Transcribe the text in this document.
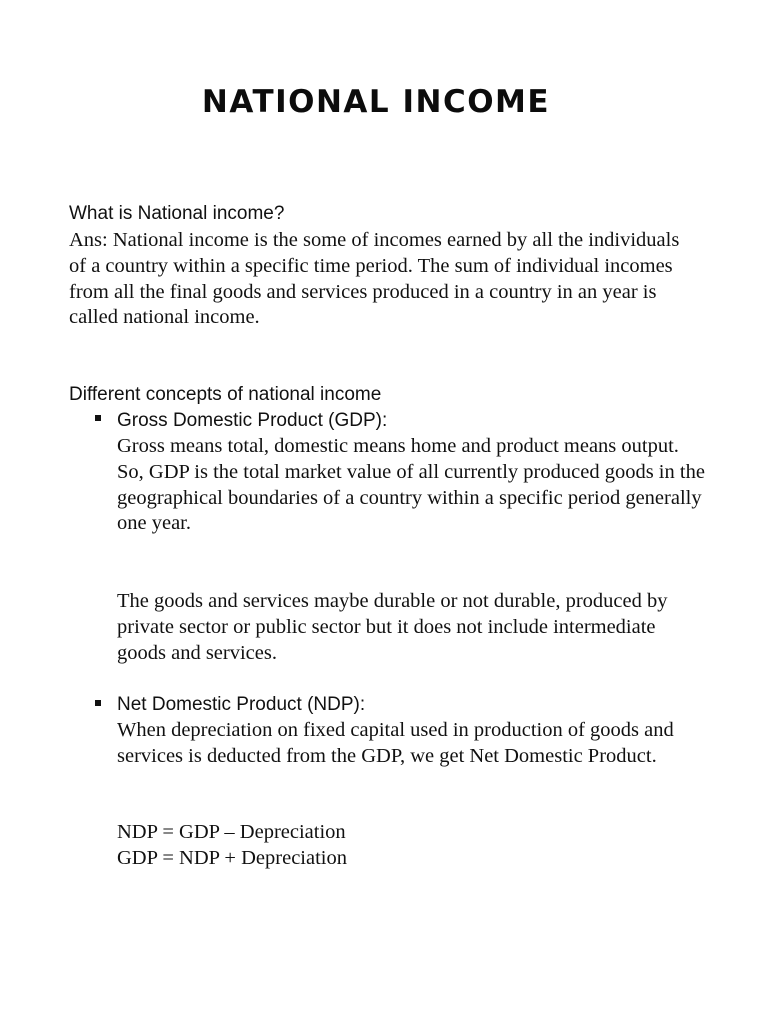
NATIONAL INCOME

What is National income?

Ans: National income is the some of incomes earned by all the individuals of a country within a specific time period. The sum of individual incomes from all the final goods and services produced in a country in an year is called national income.

Different concepts of national income

Gross Domestic Product (GDP):

Gross means total, domestic means home and product means output. So, GDP is the total market value of all currently produced goods in the geographical boundaries of a country within a specific period generally one year.

The goods and services maybe durable or not durable, produced by private sector or public sector but it does not include intermediate goods and services.

Net Domestic Product (NDP):

When depreciation on fixed capital used in production of goods and services is deducted from the GDP, we get Net Domestic Product.

NDP = GDP – Depreciation

GDP = NDP + Depreciation
